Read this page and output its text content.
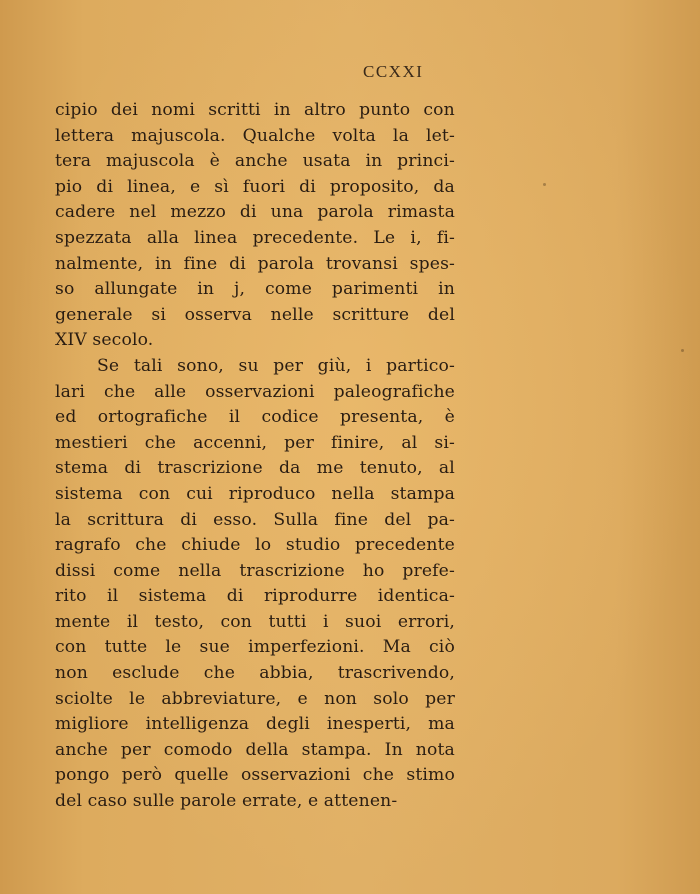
CCXXI
cipio dei nomi scritti in altro punto con
lettera majuscola. Qualche volta la let-
tera majuscola è anche usata in princi-
pio di linea, e sì fuori di proposito, da
cadere nel mezzo di una parola rimasta
spezzata alla linea precedente. Le i, fi-
nalmente, in fine di parola trovansi spes-
so allungate in j, come parimenti in
generale si osserva nelle scritture del
XIV secolo.
Se tali sono, su per giù, i partico-
lari che alle osservazioni paleografiche
ed ortografiche il codice presenta, è
mestieri che accenni, per finire, al si-
stema di trascrizione da me tenuto, al
sistema con cui riproduco nella stampa
la scrittura di esso. Sulla fine del pa-
ragrafo che chiude lo studio precedente
dissi come nella trascrizione ho prefe-
rito il sistema di riprodurre identica-
mente il testo, con tutti i suoi errori,
con tutte le sue imperfezioni. Ma ciò
non esclude che abbia, trascrivendo,
sciolte le abbreviature, e non solo per
migliore intelligenza degli inesperti, ma
anche per comodo della stampa. In nota
pongo però quelle osservazioni che stimo
del caso sulle parole errate, e attenen-
